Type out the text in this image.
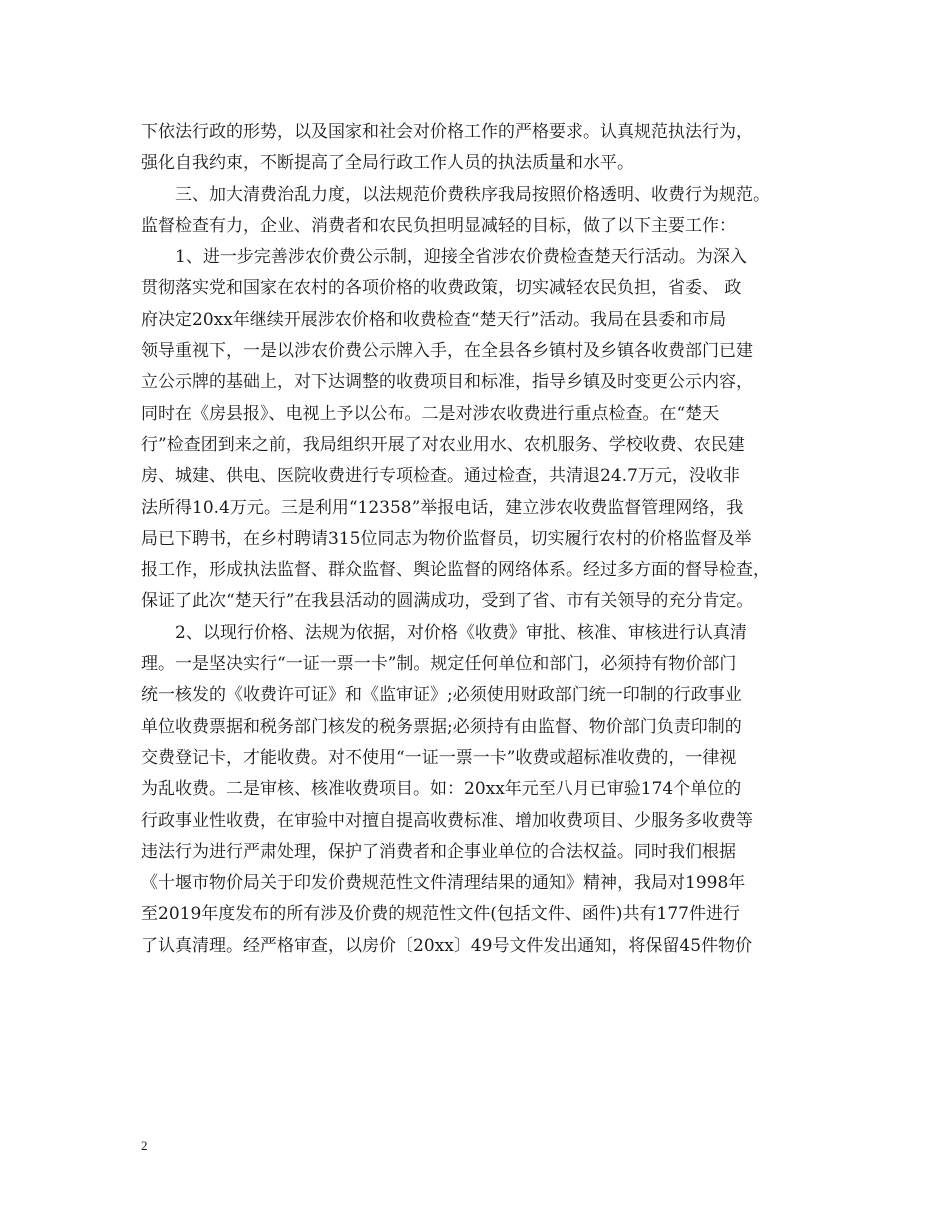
下依法行政的形势，以及国家和社会对价格工作的严格要求。认真规范执法行为，
强化自我约束，不断提高了全局行政工作人员的执法质量和水平。
三、加大清费治乱力度，以法规范价费秩序我局按照价格透明、收费行为规范。
监督检查有力，企业、消费者和农民负担明显减轻的目标，做了以下主要工作：
1、进一步完善涉农价费公示制，迎接全省涉农价费检查楚天行活动。为深入
贯彻落实党和国家在农村的各项价格的收费政策，切实减轻农民负担，省委、 政
府决定20xx年继续开展涉农价格和收费检查“楚天行”活动。我局在县委和市局
领导重视下，一是以涉农价费公示牌入手，在全县各乡镇村及乡镇各收费部门已建
立公示牌的基础上，对下达调整的收费项目和标准，指导乡镇及时变更公示内容，
同时在《房县报》、电视上予以公布。二是对涉农收费进行重点检查。在“楚天
行”检查团到来之前，我局组织开展了对农业用水、农机服务、学校收费、农民建
房、城建、供电、医院收费进行专项检查。通过检查，共清退24.7万元，没收非
法所得10.4万元。三是利用“12358”举报电话，建立涉农收费监督管理网络，我
局已下聘书，在乡村聘请315位同志为物价监督员，切实履行农村的价格监督及举
报工作，形成执法监督、群众监督、舆论监督的网络体系。经过多方面的督导检查，
保证了此次“楚天行”在我县活动的圆满成功，受到了省、市有关领导的充分肯定。
2、以现行价格、法规为依据，对价格《收费》审批、核准、审核进行认真清
理。一是坚决实行“一证一票一卡”制。规定任何单位和部门，必须持有物价部门
统一核发的《收费许可证》和《监审证》;必须使用财政部门统一印制的行政事业
单位收费票据和税务部门核发的税务票据;必须持有由监督、物价部门负责印制的
交费登记卡，才能收费。对不使用“一证一票一卡”收费或超标准收费的，一律视
为乱收费。二是审核、核准收费项目。如：20xx年元至八月已审验174个单位的
行政事业性收费，在审验中对擅自提高收费标准、增加收费项目、少服务多收费等
违法行为进行严肃处理，保护了消费者和企事业单位的合法权益。同时我们根据
《十堰市物价局关于印发价费规范性文件清理结果的通知》精神，我局对1998年
至2019年度发布的所有涉及价费的规范性文件(包括文件、函件)共有177件进行
了认真清理。经严格审查，以房价〔20xx〕49号文件发出通知，将保留45件物价
2
